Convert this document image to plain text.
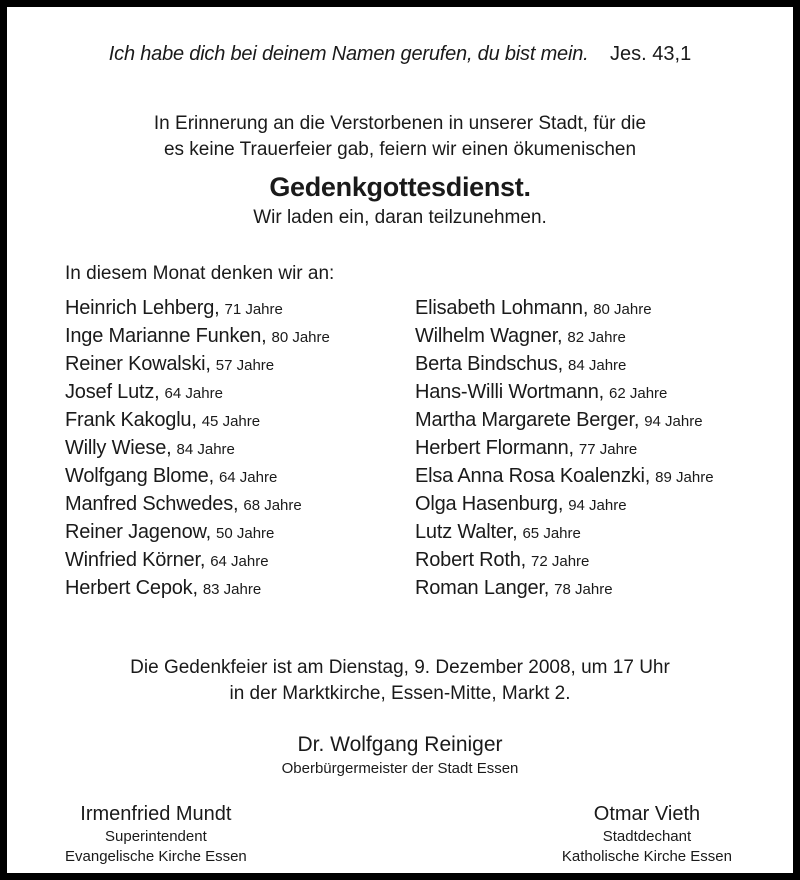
Ich habe dich bei deinem Namen gerufen, du bist mein. Jes. 43,1
In Erinnerung an die Verstorbenen in unserer Stadt, für die
es keine Trauerfeier gab, feiern wir einen ökumenischen
Gedenkgottesdienst.
Wir laden ein, daran teilzunehmen.
In diesem Monat denken wir an:
Heinrich Lehberg, 71 Jahre
Inge Marianne Funken, 80 Jahre
Reiner Kowalski, 57 Jahre
Josef Lutz, 64 Jahre
Frank Kakoglu, 45 Jahre
Willy Wiese, 84 Jahre
Wolfgang Blome, 64 Jahre
Manfred Schwedes, 68 Jahre
Reiner Jagenow, 50 Jahre
Winfried Körner, 64 Jahre
Herbert Cepok, 83 Jahre
Elisabeth Lohmann, 80 Jahre
Wilhelm Wagner, 82 Jahre
Berta Bindschus, 84 Jahre
Hans-Willi Wortmann, 62 Jahre
Martha Margarete Berger, 94 Jahre
Herbert Flormann, 77 Jahre
Elsa Anna Rosa Koalenzki, 89 Jahre
Olga Hasenburg, 94 Jahre
Lutz Walter, 65 Jahre
Robert Roth, 72 Jahre
Roman Langer, 78 Jahre
Die Gedenkfeier ist am Dienstag, 9. Dezember 2008, um 17 Uhr
in der Marktkirche, Essen-Mitte, Markt 2.
Dr. Wolfgang Reiniger
Oberbürgermeister der Stadt Essen
Irmenfried Mundt
Superintendent
Evangelische Kirche Essen
Otmar Vieth
Stadtdechant
Katholische Kirche Essen
